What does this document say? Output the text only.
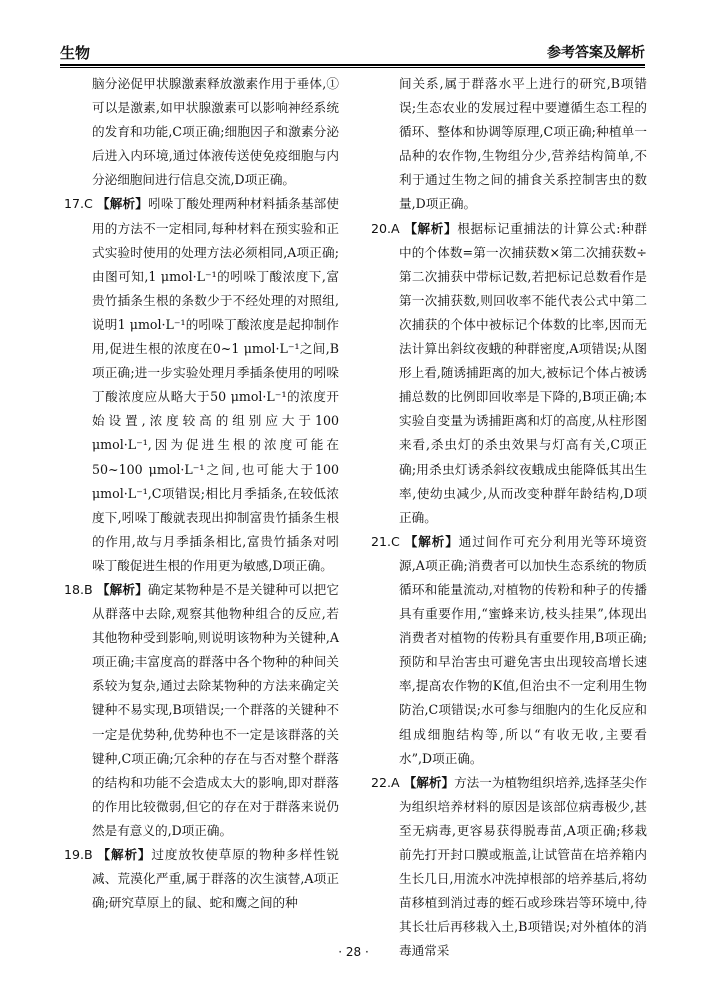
生物	参考答案及解析

脑分泌促甲状腺激素释放激素作用于垂体,①可以是激素,如甲状腺激素可以影响神经系统的发育和功能,C项正确;细胞因子和激素分泌后进入内环境,通过体液传送使免疫细胞与内分泌细胞间进行信息交流,D项正确。

17.C 【解析】吲哚丁酸处理两种材料插条基部使用的方法不一定相同,每种材料在预实验和正式实验时使用的处理方法必须相同,A项正确;由图可知,1 μmol·L⁻¹的吲哚丁酸浓度下,富贵竹插条生根的条数少于不经处理的对照组,说明1 μmol·L⁻¹的吲哚丁酸浓度是起抑制作用,促进生根的浓度在0~1 μmol·L⁻¹之间,B项正确;进一步实验处理月季插条使用的吲哚丁酸浓度应从略大于50 μmol·L⁻¹的浓度开始设置,浓度较高的组别应大于100 μmol·L⁻¹,因为促进生根的浓度可能在50~100 μmol·L⁻¹之间,也可能大于100 μmol·L⁻¹,C项错误;相比月季插条,在较低浓度下,吲哚丁酸就表现出抑制富贵竹插条生根的作用,故与月季插条相比,富贵竹插条对吲哚丁酸促进生根的作用更为敏感,D项正确。

18.B 【解析】确定某物种是不是关键种可以把它从群落中去除,观察其他物种组合的反应,若其他物种受到影响,则说明该物种为关键种,A项正确;丰富度高的群落中各个物种的种间关系较为复杂,通过去除某物种的方法来确定关键种不易实现,B项错误;一个群落的关键种不一定是优势种,优势种也不一定是该群落的关键种,C项正确;冗余种的存在与否对整个群落的结构和功能不会造成太大的影响,即对群落的作用比较微弱,但它的存在对于群落来说仍然是有意义的,D项正确。

19.B 【解析】过度放牧使草原的物种多样性锐减、荒漠化严重,属于群落的次生演替,A项正确;研究草原上的鼠、蛇和鹰之间的种

间关系,属于群落水平上进行的研究,B项错误;生态农业的发展过程中要遵循生态工程的循环、整体和协调等原理,C项正确;种植单一品种的农作物,生物组分少,营养结构简单,不利于通过生物之间的捕食关系控制害虫的数量,D项正确。

20.A 【解析】根据标记重捕法的计算公式:种群中的个体数=第一次捕获数×第二次捕获数÷第二次捕获中带标记数,若把标记总数看作是第一次捕获数,则回收率不能代表公式中第二次捕获的个体中被标记个体数的比率,因而无法计算出斜纹夜蛾的种群密度,A项错误;从图形上看,随诱捕距离的加大,被标记个体占被诱捕总数的比例即回收率是下降的,B项正确;本实验自变量为诱捕距离和灯的高度,从柱形图来看,杀虫灯的杀虫效果与灯高有关,C项正确;用杀虫灯诱杀斜纹夜蛾成虫能降低其出生率,使幼虫减少,从而改变种群年龄结构,D项正确。

21.C 【解析】通过间作可充分利用光等环境资源,A项正确;消费者可以加快生态系统的物质循环和能量流动,对植物的传粉和种子的传播具有重要作用,“蜜蜂来访,枝头挂果”,体现出消费者对植物的传粉具有重要作用,B项正确;预防和早治害虫可避免害虫出现较高增长速率,提高农作物的K值,但治虫不一定利用生物防治,C项错误;水可参与细胞内的生化反应和组成细胞结构等,所以“有收无收,主要看水”,D项正确。

22.A 【解析】方法一为植物组织培养,选择茎尖作为组织培养材料的原因是该部位病毒极少,甚至无病毒,更容易获得脱毒苗,A项正确;移栽前先打开封口膜或瓶盖,让试管苗在培养箱内生长几日,用流水冲洗掉根部的培养基后,将幼苗移植到消过毒的蛭石或珍珠岩等环境中,待其长壮后再移栽入土,B项错误;对外植体的消毒通常采

· 28 ·
